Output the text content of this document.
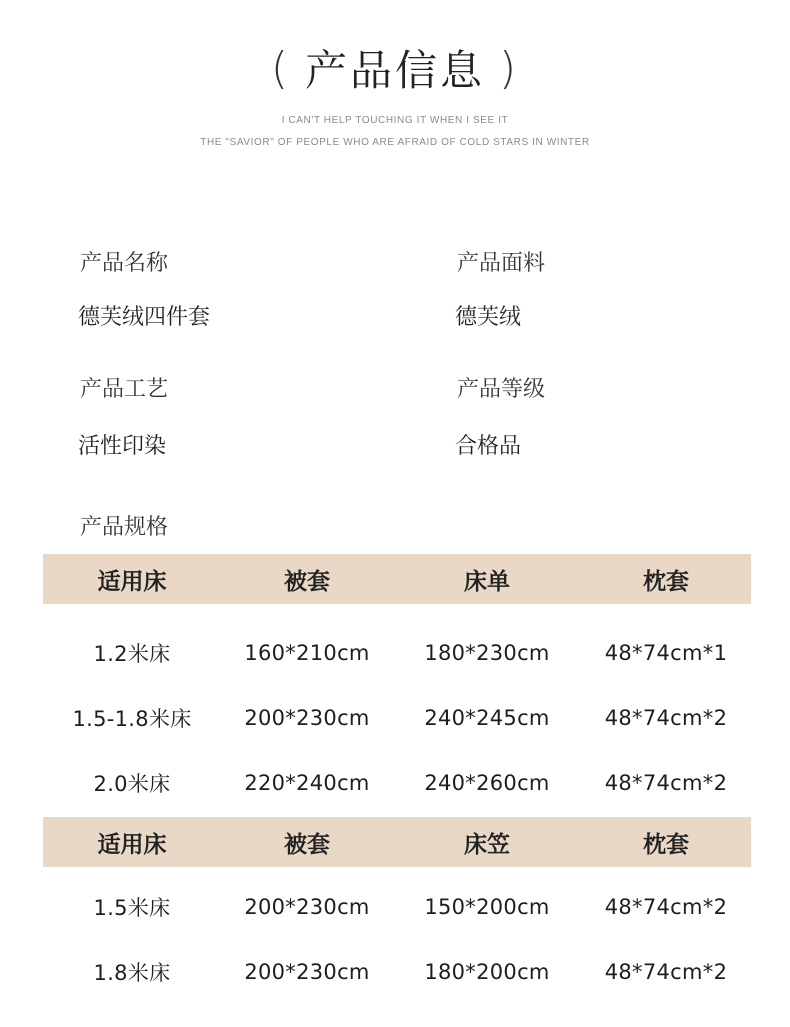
( 产品信息 )
I CAN'T HELP TOUCHING IT WHEN I SEE IT
THE "SAVIOR" OF PEOPLE WHO ARE AFRAID OF COLD STARS IN WINTER
产品名称
德芙绒四件套
产品面料
德芙绒
产品工艺
活性印染
产品等级
合格品
产品规格
适用床	被套	床单	枕套
1.2米床	160*210cm	180*230cm	48*74cm*1
1.5-1.8米床	200*230cm	240*245cm	48*74cm*2
2.0米床	220*240cm	240*260cm	48*74cm*2
适用床	被套	床笠	枕套
1.5米床	200*230cm	150*200cm	48*74cm*2
1.8米床	200*230cm	180*200cm	48*74cm*2
